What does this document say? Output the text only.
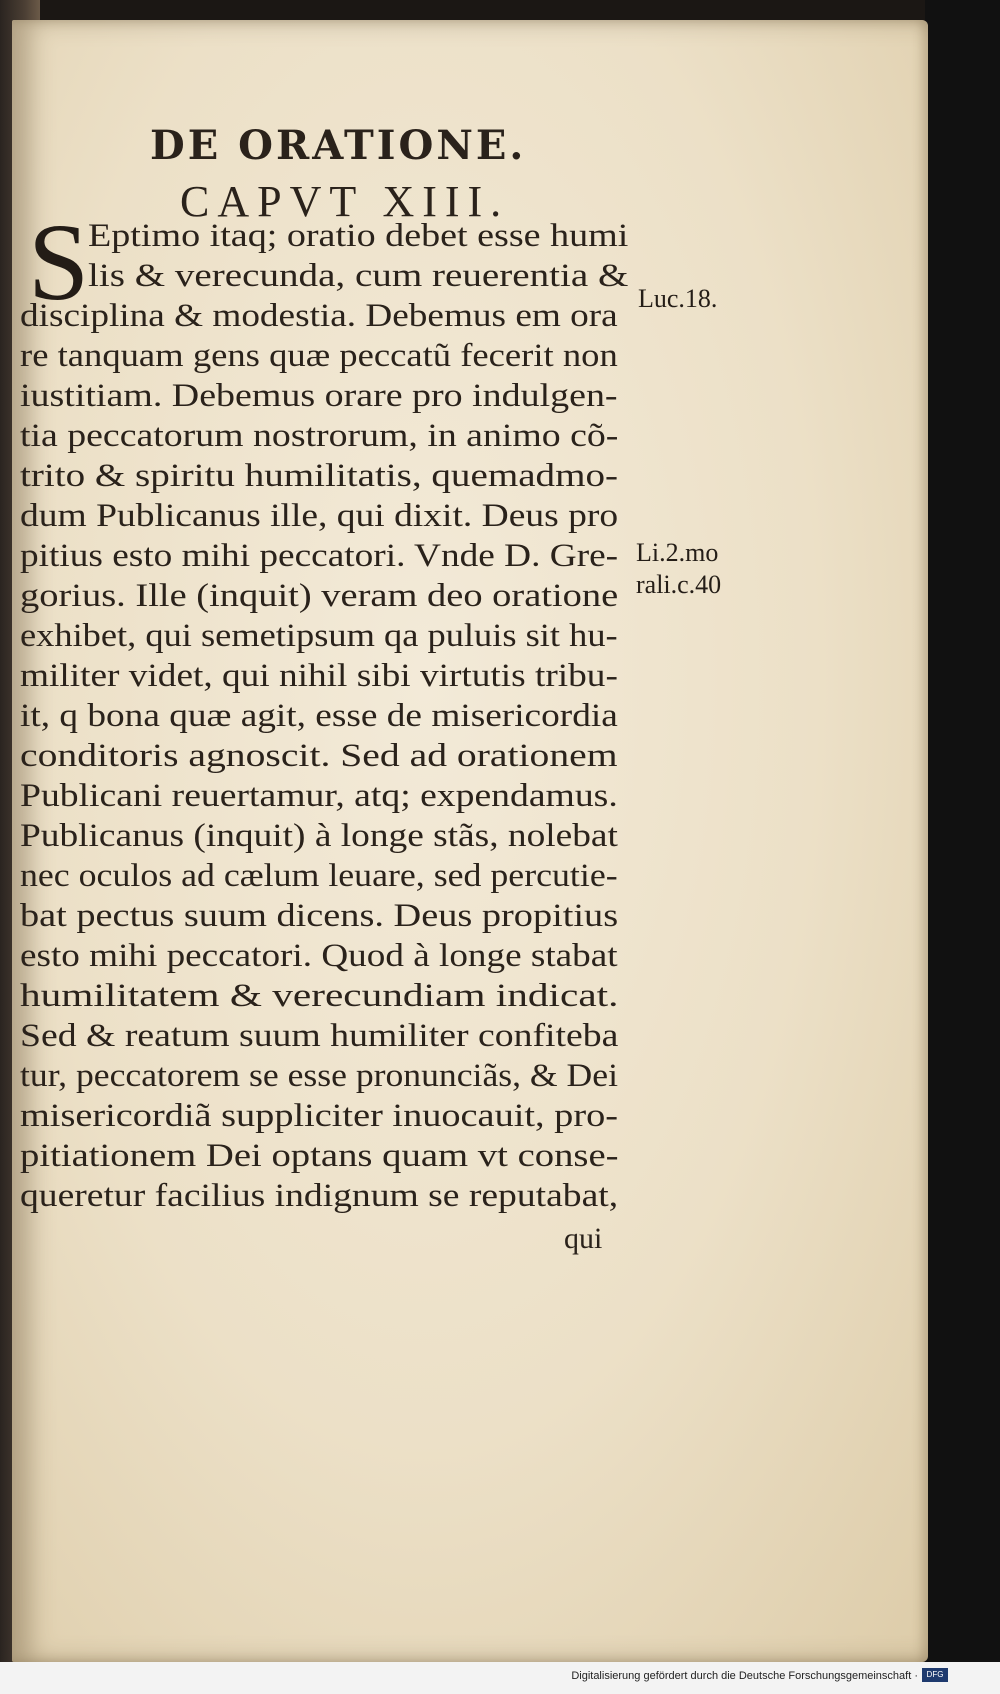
DE ORATIONE.
CAPVT XIII.
S
Eptimo itaq; oratio debet esse humi
lis & verecunda, cum reuerentia &
disciplina & modestia. Debemus em ora
re tanquam gens quæ peccatũ fecerit non
iustitiam. Debemus orare pro indulgen-
tia peccatorum nostrorum, in animo cõ-
trito & spiritu humilitatis, quemadmo-
dum Publicanus ille, qui dixit. Deus pro
pitius esto mihi peccatori. Vnde D. Gre-
gorius. Ille (inquit) veram deo oratione
exhibet, qui semetipsum qa puluis sit hu-
militer videt, qui nihil sibi virtutis tribu-
it, q bona quæ agit, esse de misericordia
conditoris agnoscit. Sed ad orationem
Publicani reuertamur, atq; expendamus.
Publicanus (inquit) à longe stãs, nolebat
nec oculos ad cælum leuare, sed percutie-
bat pectus suum dicens. Deus propitius
esto mihi peccatori. Quod à longe stabat
humilitatem & verecundiam indicat.
Sed & reatum suum humiliter confiteba
tur, peccatorem se esse pronunciãs, & Dei
misericordiã suppliciter inuocauit, pro-
pitiationem Dei optans quam vt conse-
queretur facilius indignum se reputabat,
qui
Luc.18.
Li.2.mo
rali.c.40
Digitalisierung gefördert durch die Deutsche Forschungsgemeinschaft ·	DFG
